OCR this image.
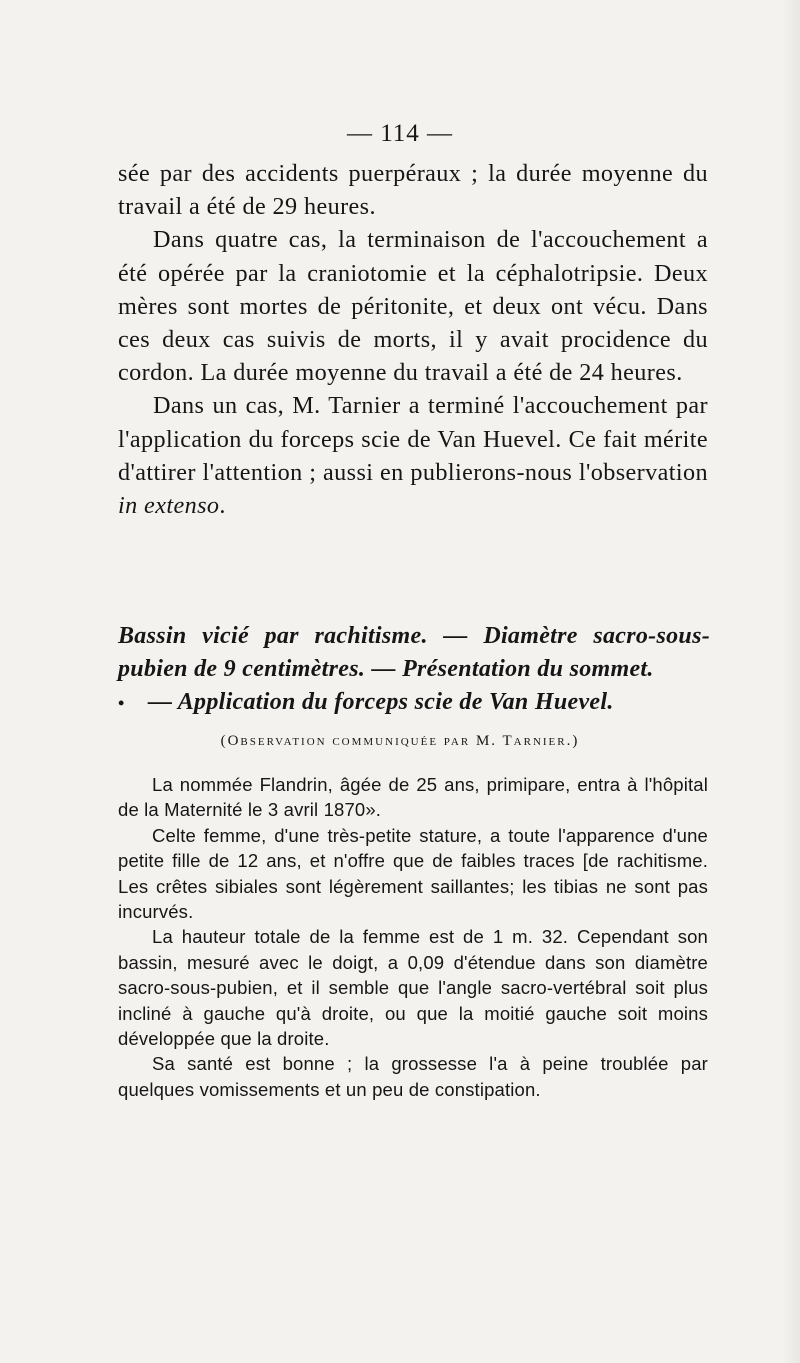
— 114 —

sée par des accidents puerpéraux ; la durée moyenne du travail a été de 29 heures.

Dans quatre cas, la terminaison de l'accouchement a été opérée par la craniotomie et la céphalotripsie. Deux mères sont mortes de péritonite, et deux ont vécu. Dans ces deux cas suivis de morts, il y avait procidence du cordon. La durée moyenne du travail a été de 24 heures.

Dans un cas, M. Tarnier a terminé l'accouchement par l'application du forceps scie de Van Huevel. Ce fait mérite d'attirer l'attention ; aussi en publierons-nous l'observation in extenso.

Bassin vicié par rachitisme. — Diamètre sacro-sous-pubien de 9 centimètres. — Présentation du sommet.

• — Application du forceps scie de Van Huevel.

(Observation communiquée par M. Tarnier.)

La nommée Flandrin, âgée de 25 ans, primipare, entra à l'hôpital de la Maternité le 3 avril 1870».

Celte femme, d'une très-petite stature, a toute l'apparence d'une petite fille de 12 ans, et n'offre que de faibles traces [de rachitisme. Les crêtes sibiales sont légèrement saillantes; les tibias ne sont pas incurvés.

La hauteur totale de la femme est de 1 m. 32. Cependant son bassin, mesuré avec le doigt, a 0,09 d'étendue dans son diamètre sacro-sous-pubien, et il semble que l'angle sacro-vertébral soit plus incliné à gauche qu'à droite, ou que la moitié gauche soit moins développée que la droite.

Sa santé est bonne ; la grossesse l'a à peine troublée par quelques vomissements et un peu de constipation.
